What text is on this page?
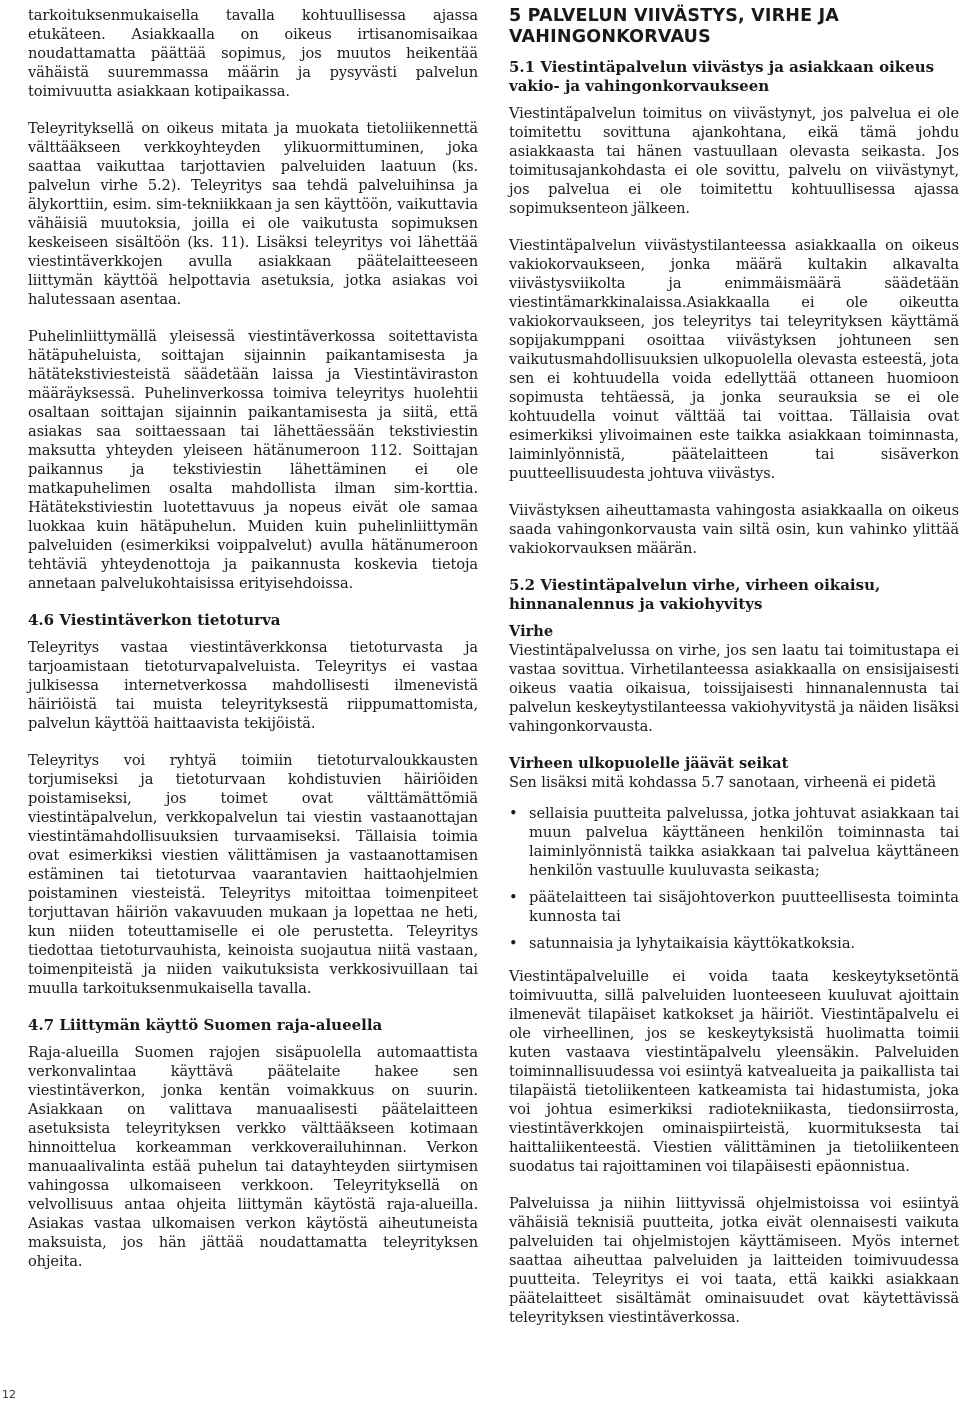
tarkoituksenmukaisella tavalla kohtuullisessa ajassa etukäteen. Asiakkaalla on oikeus irtisanomisaikaa noudattamatta päättää sopimus, jos muutos heikentää vähäistä suuremmassa määrin ja pysyvästi palvelun toimivuutta asiakkaan kotipaikassa.

Teleyrityksellä on oikeus mitata ja muokata tietoliikennettä välttääkseen verkkoyhteyden ylikuormittuminen, joka saattaa vaikuttaa tarjottavien palveluiden laatuun (ks. palvelun virhe 5.2). Teleyritys saa tehdä palveluihinsa ja älykorttiin, esim. sim-tekniikkaan ja sen käyttöön, vaikuttavia vähäisiä muutoksia, joilla ei ole vaikutusta sopimuksen keskeiseen sisältöön (ks. 11). Lisäksi teleyritys voi lähettää viestintäverkkojen avulla asiakkaan päätelaitteeseen liittymän käyttöä helpottavia asetuksia, jotka asiakas voi halutessaan asentaa.

Puhelinliittymällä yleisessä viestintäverkossa soitettavista hätäpuheluista, soittajan sijainnin paikantamisesta ja hätätekstiviesteistä säädetään laissa ja Viestintäviraston määräyksessä. Puhelinverkossa toimiva teleyritys huolehtii osaltaan soittajan sijainnin paikantamisesta ja siitä, että asiakas saa soittaessaan tai lähettäessään tekstiviestin maksutta yhteyden yleiseen hätänumeroon 112. Soittajan paikannus ja tekstiviestin lähettäminen ei ole matkapuhelimen osalta mahdollista ilman sim-korttia. Hätätekstiviestin luotettavuus ja nopeus eivät ole samaa luokkaa kuin hätäpuhelun. Muiden kuin puhelinliittymän palveluiden (esimerkiksi voippalvelut) avulla hätänumeroon tehtäviä yhteydenottoja ja paikannusta koskevia tietoja annetaan palvelukohtaisissa erityisehdoissa.

4.6 Viestintäverkon tietoturva

Teleyritys vastaa viestintäverkkonsa tietoturvasta ja tarjoamistaan tietoturvapalveluista. Teleyritys ei vastaa julkisessa internetverkossa mahdollisesti ilmenevistä häiriöistä tai muista teleyrityksestä riippumattomista, palvelun käyttöä haittaavista tekijöistä.

Teleyritys voi ryhtyä toimiin tietoturvaloukkausten torjumiseksi ja tietoturvaan kohdistuvien häiriöiden poistamiseksi, jos toimet ovat välttämättömiä viestintäpalvelun, verkkopalvelun tai viestin vastaanottajan viestintämahdollisuuksien turvaamiseksi. Tällaisia toimia ovat esimerkiksi viestien välittämisen ja vastaanottamisen estäminen tai tietoturvaa vaarantavien haittaohjelmien poistaminen viesteistä. Teleyritys mitoittaa toimenpiteet torjuttavan häiriön vakavuuden mukaan ja lopettaa ne heti, kun niiden toteuttamiselle ei ole perustetta. Teleyritys tiedottaa tietoturvauhista, keinoista suojautua niitä vastaan, toimenpiteistä ja niiden vaikutuksista verkkosivuillaan tai muulla tarkoituksenmukaisella tavalla.

4.7 Liittymän käyttö Suomen raja-alueella

Raja-alueilla Suomen rajojen sisäpuolella automaattista verkonvalintaa käyttävä päätelaite hakee sen viestintäverkon, jonka kentän voimakkuus on suurin. Asiakkaan on valittava manuaalisesti päätelaitteen asetuksista teleyrityksen verkko välttääkseen kotimaan hinnoittelua korkeamman verkkoverailuhinnan. Verkon manuaalivalinta estää puhelun tai datayhteyden siirtymisen vahingossa ulkomaiseen verkkoon. Teleyrityksellä on velvollisuus antaa ohjeita liittymän käytöstä raja-alueilla. Asiakas vastaa ulkomaisen verkon käytöstä aiheutuneista maksuista, jos hän jättää noudattamatta teleyrityksen ohjeita.

5 PALVELUN VIIVÄSTYS, VIRHE JA VAHINGONKORVAUS
5.1 Viestintäpalvelun viivästys ja asiakkaan oikeus vakio- ja vahingonkorvaukseen

Viestintäpalvelun toimitus on viivästynyt, jos palvelua ei ole toimitettu sovittuna ajankohtana, eikä tämä johdu asiakkaasta tai hänen vastuullaan olevasta seikasta. Jos toimitusajankohdasta ei ole sovittu, palvelu on viivästynyt, jos palvelua ei ole toimitettu kohtuullisessa ajassa sopimuksenteon jälkeen.

Viestintäpalvelun viivästystilanteessa asiakkaalla on oikeus vakiokorvaukseen, jonka määrä kultakin alkavalta viivästysviikolta ja enimmäismäärä säädetään viestintämarkkinalaissa.Asiakkaalla ei ole oikeutta vakiokorvaukseen, jos teleyritys tai teleyrityksen käyttämä sopijakumppani osoittaa viivästyksen johtuneen sen vaikutusmahdollisuuksien ulkopuolella olevasta esteestä, jota sen ei kohtuudella voida edellyttää ottaneen huomioon sopimusta tehtäessä, ja jonka seurauksia se ei ole kohtuudella voinut välttää tai voittaa. Tällaisia ovat esimerkiksi ylivoimainen este taikka asiakkaan toiminnasta, laiminlyönnistä, päätelaitteen tai sisäverkon puutteellisuudesta johtuva viivästys.

Viivästyksen aiheuttamasta vahingosta asiakkaalla on oikeus saada vahingonkorvausta vain siltä osin, kun vahinko ylittää vakiokorvauksen määrän.

5.2 Viestintäpalvelun virhe, virheen oikaisu, hinnanalennus ja vakiohyvitys
Virhe

Viestintäpalvelussa on virhe, jos sen laatu tai toimitustapa ei vastaa sovittua. Virhetilanteessa asiakkaalla on ensisijaisesti oikeus vaatia oikaisua, toissijaisesti hinnanalennusta tai palvelun keskeytystilanteessa vakiohyvitystä ja näiden lisäksi vahingonkorvausta.

Virheen ulkopuolelle jäävät seikat

Sen lisäksi mitä kohdassa 5.7 sanotaan, virheenä ei pidetä

• sellaisia puutteita palvelussa, jotka johtuvat asiakkaan tai muun palvelua käyttäneen henkilön toiminnasta tai laiminlyönnistä taikka asiakkaan tai palvelua käyttäneen henkilön vastuulle kuuluvasta seikasta;
• päätelaitteen tai sisäjohtoverkon puutteellisesta toiminta kunnosta tai
• satunnaisia ja lyhytaikaisia käyttökatkoksia.

Viestintäpalveluille ei voida taata keskeytyksetöntä toimivuutta, sillä palveluiden luonteeseen kuuluvat ajoittain ilmenevät tilapäiset katkokset ja häiriöt. Viestintäpalvelu ei ole virheellinen, jos se keskeytyksistä huolimatta toimii kuten vastaava viestintäpalvelu yleensäkin. Palveluiden toiminnallisuudessa voi esiintyä katvealueita ja paikallista tai tilapäistä tietoliikenteen katkeamista tai hidastumista, joka voi johtua esimerkiksi radiotekniikasta, tiedonsiirrosta, viestintäverkkojen ominaispiirteistä, kuormituksesta tai haittaliikenteestä. Viestien välittäminen ja tietoliikenteen suodatus tai rajoittaminen voi tilapäisesti epäonnistua.

Palveluissa ja niihin liittyvissä ohjelmistoissa voi esiintyä vähäisiä teknisiä puutteita, jotka eivät olennaisesti vaikuta palveluiden tai ohjelmistojen käyttämiseen. Myös internet saattaa aiheuttaa palveluiden ja laitteiden toimivuudessa puutteita. Teleyritys ei voi taata, että kaikki asiakkaan päätelaitteet sisältämät ominaisuudet ovat käytettävissä teleyrityksen viestintäverkossa.

12
